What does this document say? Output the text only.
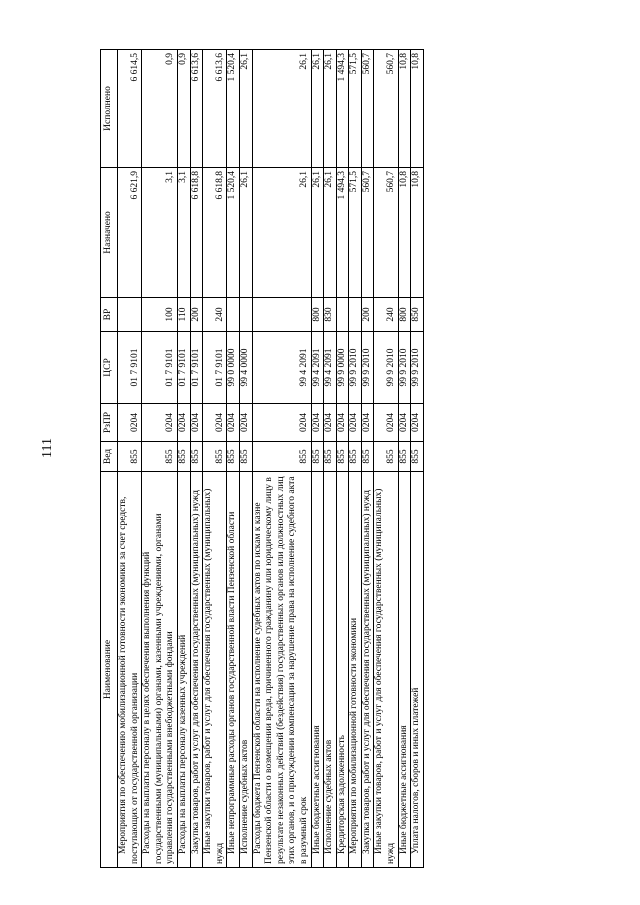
111
Наименование	Вед	РзПР	ЦСР	ВР	Назначено	Исполнено

Мероприятия по обеспечению мобилизационной готовности экономики за счет средств, поступающих от государственной организации	855	0204	01 7 9101		6 621,9	6 614,5

Расходы на выплаты персоналу в целях обеспечения выполнения функций государственными (муниципальными) органами, казенными учреждениями, органами управления государственными внебюджетными фондами	855	0204	01 7 9101	100	3,1	0,9

Расходы на выплаты персоналу казенных учреждений	855	0204	01 7 9101	110	3,1	0,9

Закупка товаров, работ и услуг для обеспечения государственных (муниципальных) нужд	855	0204	01 7 9101	200	6 618,8	6 613,6

Иные закупки товаров, работ и услуг для обеспечения государственных (муниципальных) нужд	855	0204	01 7 9101	240	6 618,8	6 613,6

Иные непрограммные расходы органов государственной власти Пензенской области	855	0204	99 0 0000		1 520,4	1 520,4

Исполнение судебных актов	855	0204	99 4 0000		26,1	26,1

Расходы бюджета Пензенской области на исполнение судебных актов по искам к казне Пензенской области о возмещении вреда, причиненного гражданину или юридическому лицу в результате незаконных действий (бездействия) государственных органов или должностных лиц этих органов, и о присуждении компенсации за нарушение права на исполнение судебного акта в разумный срок	855	0204	99 4 2091		26,1	26,1

Иные бюджетные ассигнования	855	0204	99 4 2091	800	26,1	26,1

Исполнение судебных актов	855	0204	99 4 2091	830	26,1	26,1

Кредиторская задолженность	855	0204	99 9 0000		1 494,3	1 494,3

Мероприятия по мобилизационной готовности экономики	855	0204	99 9 2010		571,5	571,5

Закупка товаров, работ и услуг для обеспечения государственных (муниципальных) нужд	855	0204	99 9 2010	200	560,7	560,7

Иные закупки товаров, работ и услуг для обеспечения государственных (муниципальных) нужд	855	0204	99 9 2010	240	560,7	560,7

Иные бюджетные ассигнования	855	0204	99 9 2010	800	10,8	10,8

Уплата налогов, сборов и иных платежей	855	0204	99 9 2010	850	10,8	10,8
